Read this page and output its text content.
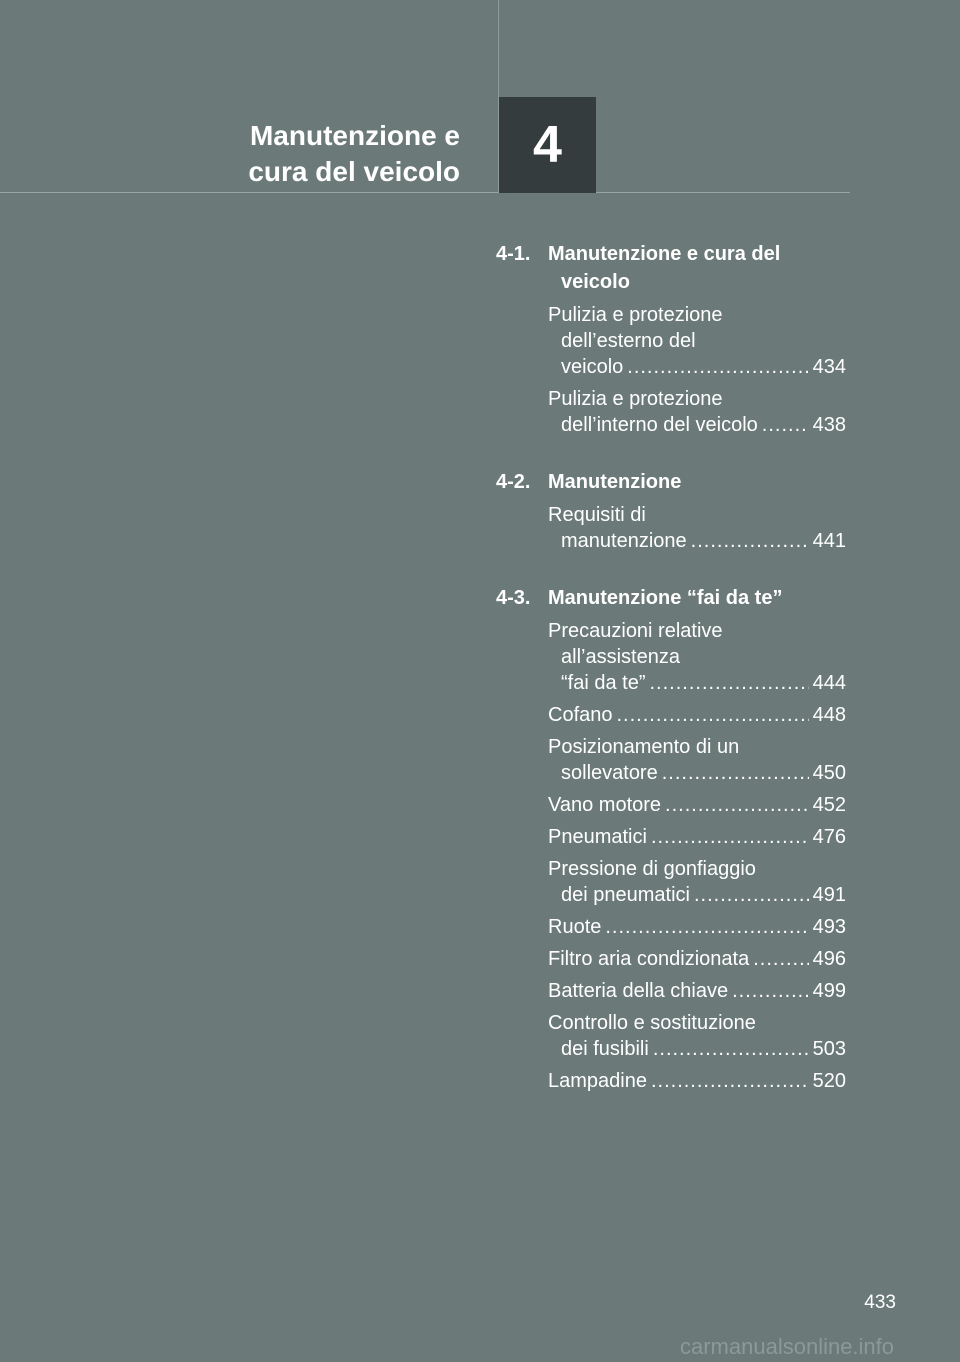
Manutenzione e
cura del veicolo 4
4-1. Manutenzione e cura del
veicolo
Pulizia e protezione
dell’esterno del
veicolo .....	434
Pulizia e protezione
dell’interno del veicolo .....	438
4-2. Manutenzione
Requisiti di
manutenzione .....	441
4-3. Manutenzione “fai da te”
Precauzioni relative
all’assistenza
“fai da te” .....	444
Cofano .....	448
Posizionamento di un
sollevatore .....	450
Vano motore .....	452
Pneumatici .....	476
Pressione di gonfiaggio
dei pneumatici .....	491
Ruote .....	493
Filtro aria condizionata .....	496
Batteria della chiave .....	499
Controllo e sostituzione
dei fusibili .....	503
Lampadine .....	520
433
carmanualsonline.info
